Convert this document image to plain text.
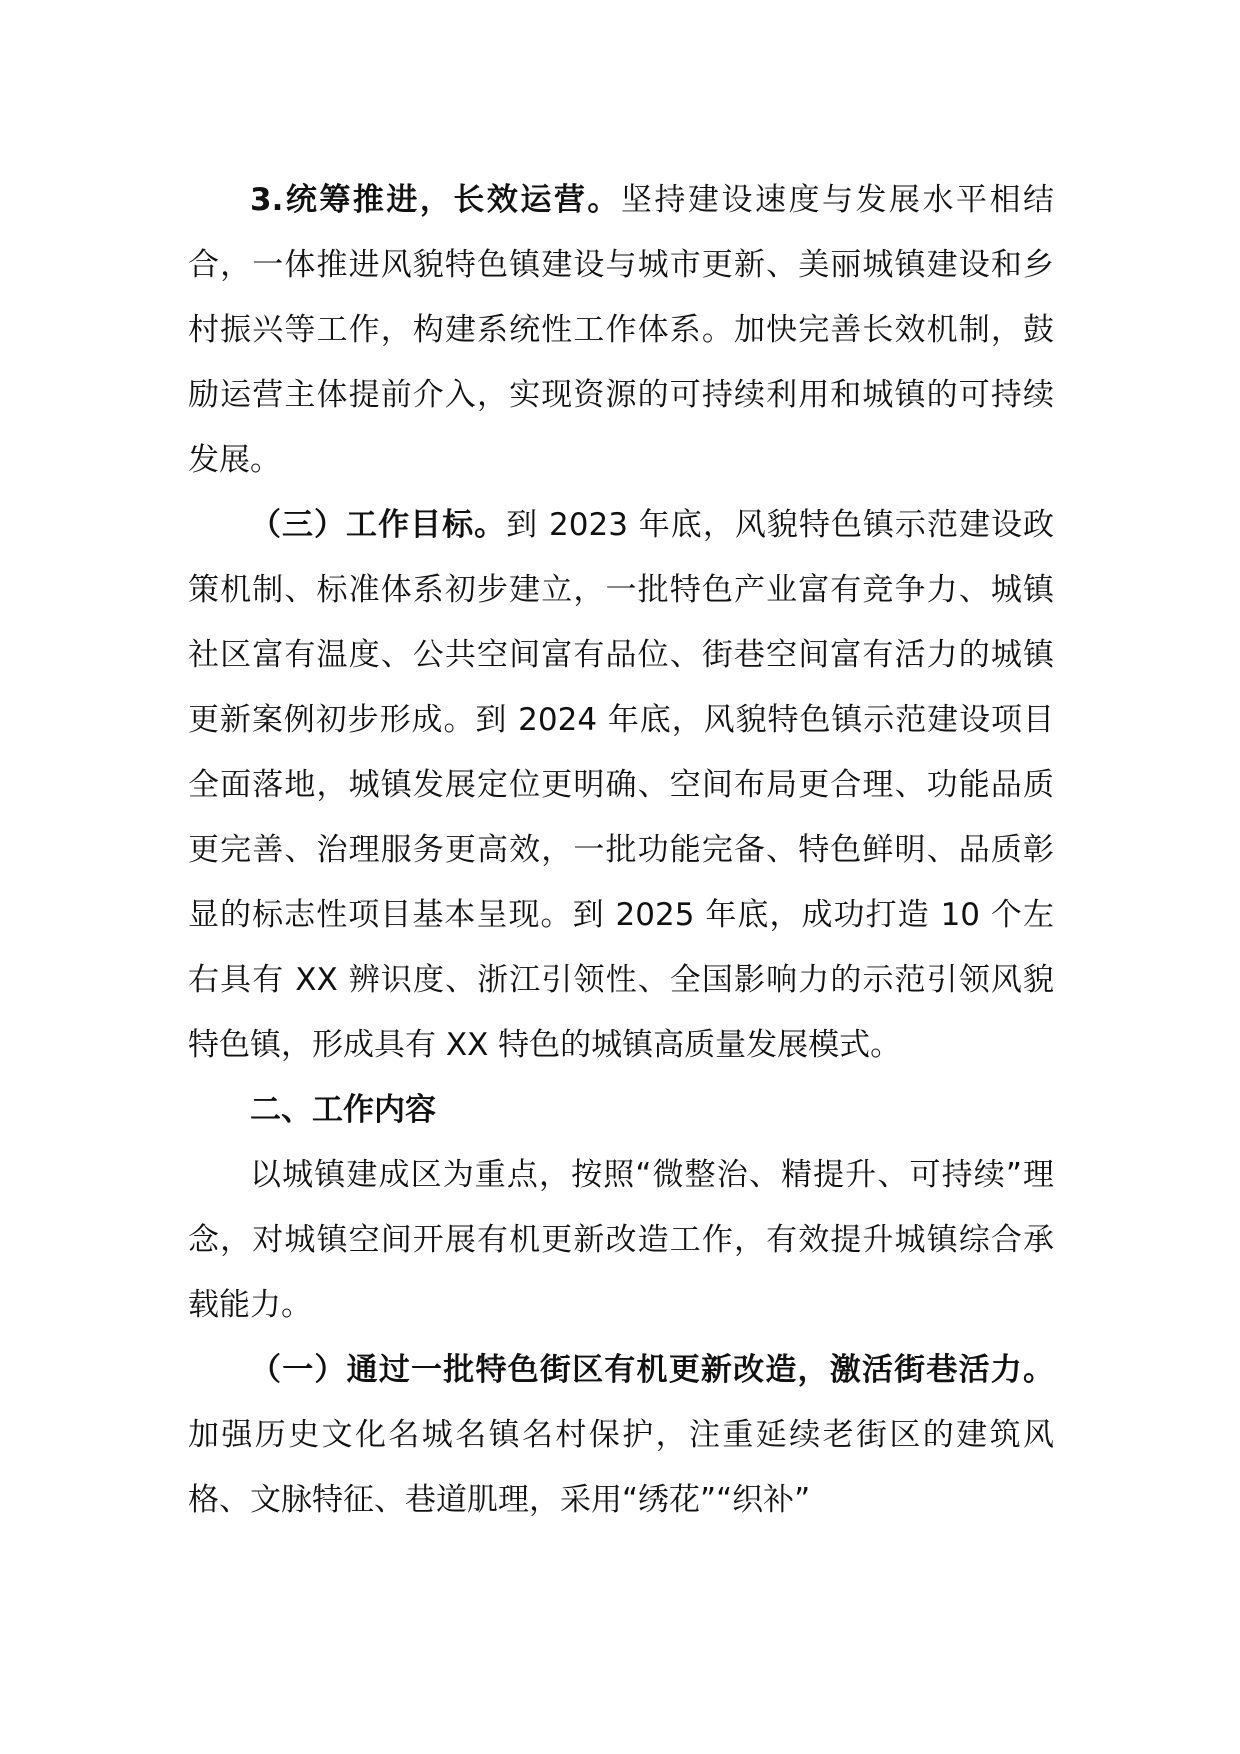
3.统筹推进，长效运营。坚持建设速度与发展水平相结合，一体推进风貌特色镇建设与城市更新、美丽城镇建设和乡村振兴等工作，构建系统性工作体系。加快完善长效机制，鼓励运营主体提前介入，实现资源的可持续利用和城镇的可持续发展。

（三）工作目标。到 2023 年底，风貌特色镇示范建设政策机制、标准体系初步建立，一批特色产业富有竞争力、城镇社区富有温度、公共空间富有品位、街巷空间富有活力的城镇更新案例初步形成。到 2024 年底，风貌特色镇示范建设项目全面落地，城镇发展定位更明确、空间布局更合理、功能品质更完善、治理服务更高效，一批功能完备、特色鲜明、品质彰显的标志性项目基本呈现。到 2025 年底，成功打造 10 个左右具有 XX 辨识度、浙江引领性、全国影响力的示范引领风貌特色镇，形成具有 XX 特色的城镇高质量发展模式。

二、工作内容

以城镇建成区为重点，按照“微整治、精提升、可持续”理念，对城镇空间开展有机更新改造工作，有效提升城镇综合承载能力。

（一）通过一批特色街区有机更新改造，激活街巷活力。加强历史文化名城名镇名村保护，注重延续老街区的建筑风格、文脉特征、巷道肌理，采用“绣花”“织补”
